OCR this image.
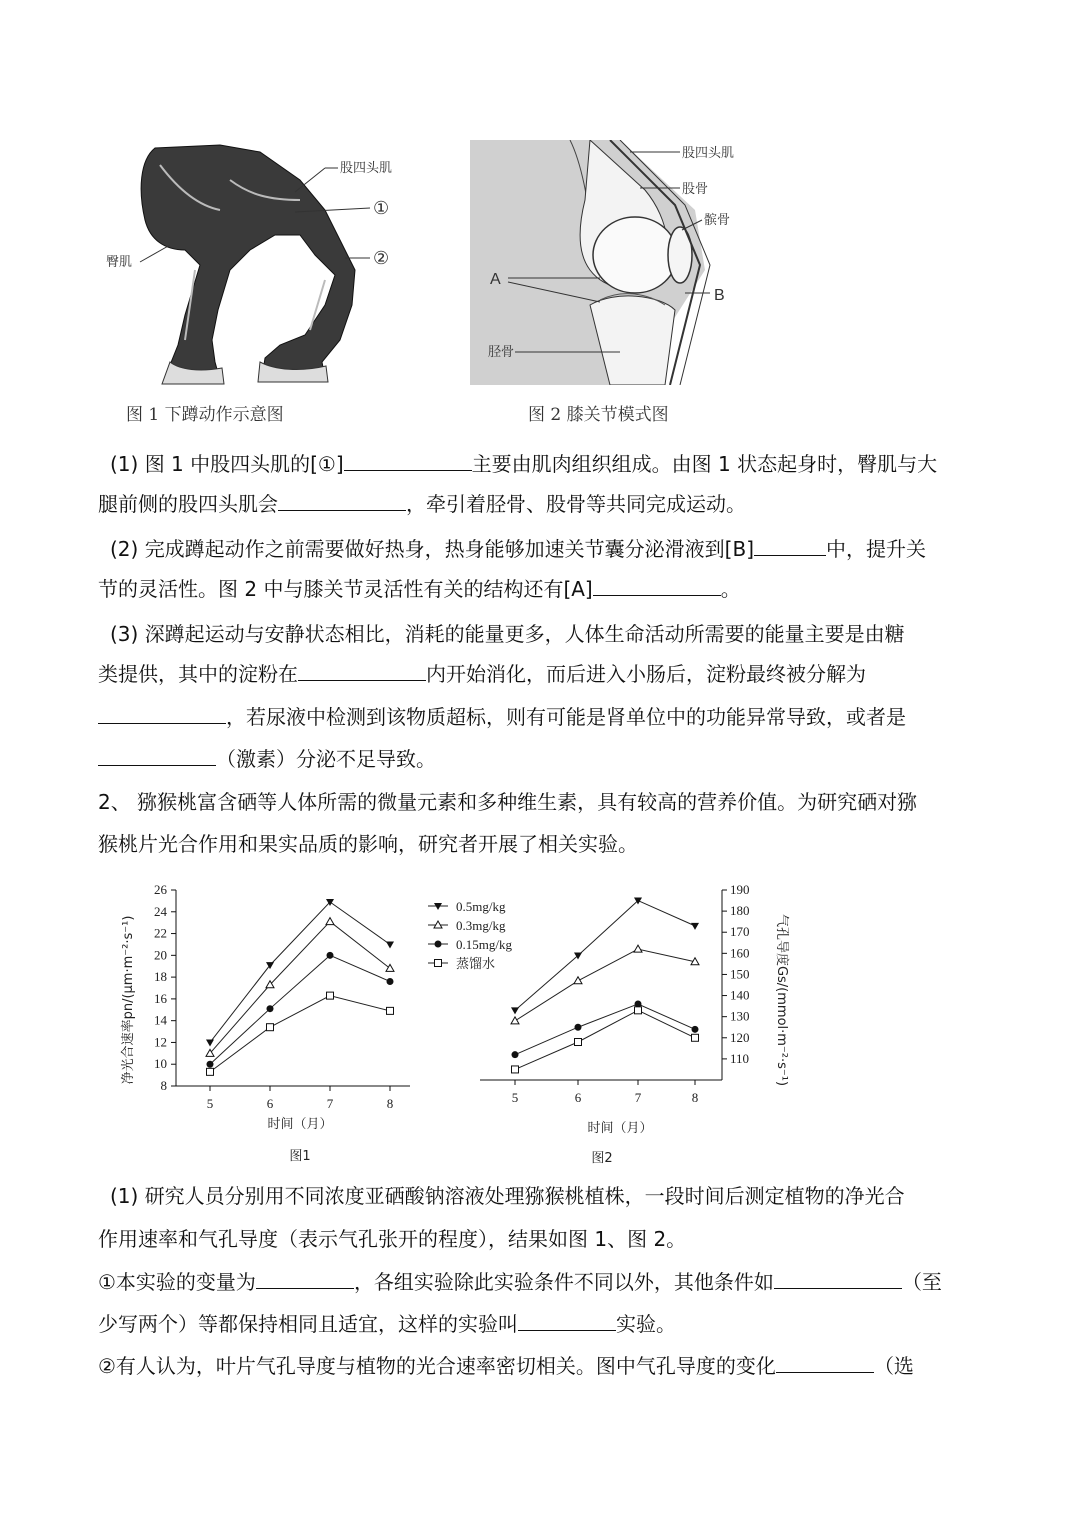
股四头肌
①
②
臀肌
图 1 下蹲动作示意图
股四头肌
股骨
髌骨
A
B
胫骨
图 2 膝关节模式图
(1) 图 1 中股四头肌的[①]	主要由肌肉组织组成。由图 1 状态起身时，臀肌与大
腿前侧的股四头肌会	，牵引着胫骨、股骨等共同完成运动。
(2) 完成蹲起动作之前需要做好热身，热身能够加速关节囊分泌滑液到[B]	中，提升关
节的灵活性。图 2 中与膝关节灵活性有关的结构还有[A]	。
(3) 深蹲起运动与安静状态相比，消耗的能量更多，人体生命活动所需要的能量主要是由糖
类提供，其中的淀粉在	内开始消化，而后进入小肠后，淀粉最终被分解为
，若尿液中检测到该物质超标，则有可能是肾单位中的功能异常导致，或者是
（激素）分泌不足导致。
2、 猕猴桃富含硒等人体所需的微量元素和多种维生素，具有较高的营养价值。为研究硒对猕
猴桃片光合作用和果实品质的影响，研究者开展了相关实验。
净光合速率pn/(μm·m⁻²·s⁻¹)
时间（月）
图1
8
10
12
14
16
18
20
22
24
26
5	6	7	8
气孔导度Gs/(mmol·m⁻²·s⁻¹)
时间（月）
图2
110
120
130
140
150
160
170
180
190
5	6	7	8
0.5mg/kg
0.3mg/kg
0.15mg/kg
蒸馏水
(1) 研究人员分别用不同浓度亚硒酸钠溶液处理猕猴桃植株，一段时间后测定植物的净光合
作用速率和气孔导度（表示气孔张开的程度），结果如图 1、图 2。
①本实验的变量为	，各组实验除此实验条件不同以外，其他条件如	（至
少写两个）等都保持相同且适宜，这样的实验叫	实验。
②有人认为，叶片气孔导度与植物的光合速率密切相关。图中气孔导度的变化	（选
